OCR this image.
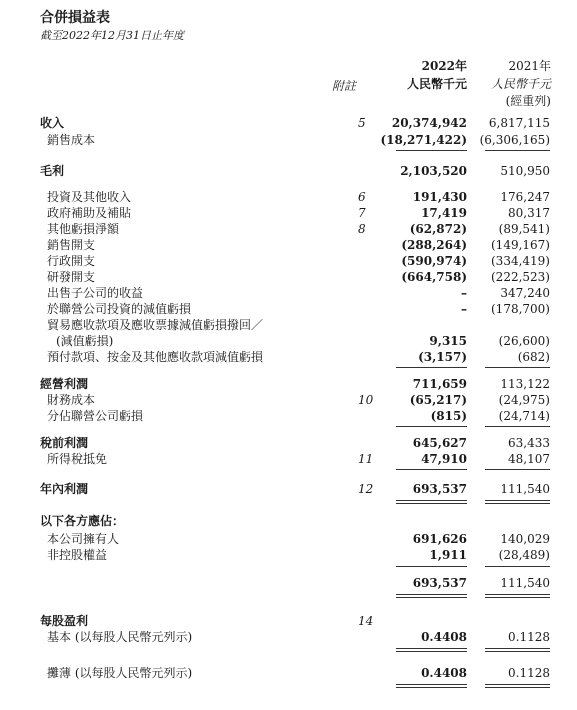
合併損益表
截至2022年12月31日止年度
2022年
人民幣千元
2021年
人民幣千元
(經重列)
附註
收入	5 20,374,942 6,817,115
銷售成本	(18,271,422) (6,306,165)
毛利	2,103,520	510,950
投資及其他收入	6	191,430	176,247
政府補助及補貼	7	17,419	80,317
其他虧損淨額	8	(62,872)	(89,541)
銷售開支	(288,264) (149,167)
行政開支	(590,974) (334,419)
研發開支	(664,758) (222,523)
出售子公司的收益	–	347,240
於聯營公司投資的減值虧損	– (178,700)
貿易應收款項及應收票據減值虧損撥回／
(減值虧損)	9,315	(26,600)
預付款項、按金及其他應收款項減值虧損	(3,157)	(682)
經營利潤	711,659	113,122
財務成本	10	(65,217)	(24,975)
分佔聯營公司虧損	(815)	(24,714)
稅前利潤	645,627	63,433
所得稅抵免	11	47,910	48,107
年內利潤	12	693,537	111,540
以下各方應佔：
本公司擁有人	691,626	140,029
非控股權益	1,911	(28,489)
693,537	111,540
每股盈利	14
基本 (以每股人民幣元列示)	0.4408	0.1128
攤薄 (以每股人民幣元列示)	0.4408	0.1128
